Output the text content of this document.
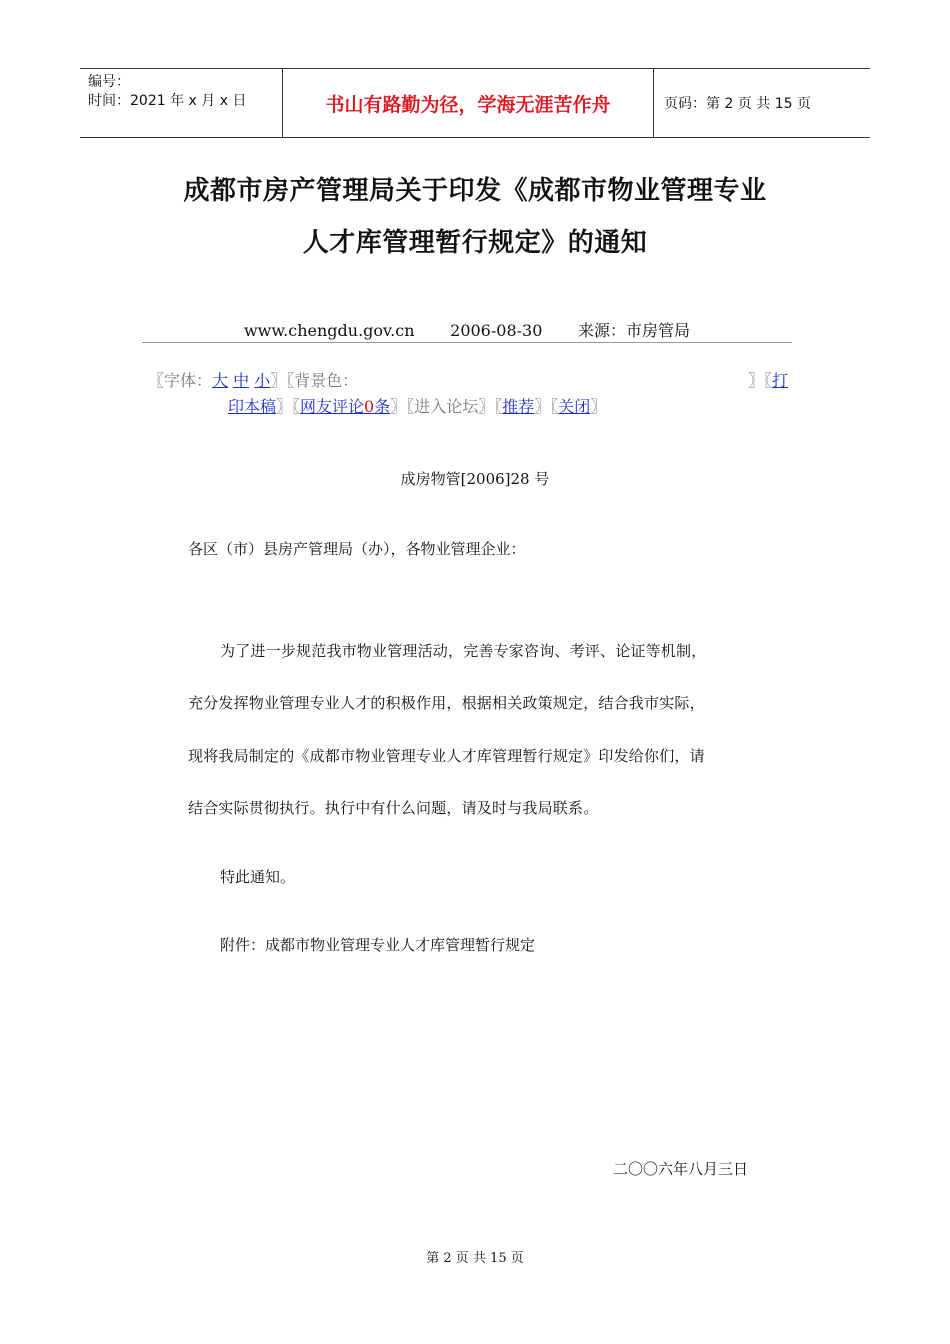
编号：
时间：2021 年 x 月 x 日	书山有路勤为径，学海无涯苦作舟	页码：第 2 页 共 15 页
成都市房产管理局关于印发《成都市物业管理专业
人才库管理暂行规定》的通知
www.chengdu.gov.cn 2006-08-30 来源：市房管局
〖字体：大 中 小〗〖背景色：	〗〖打
印本稿〗〖网友评论0条〗〖进入论坛〗〖推荐〗〖关闭〗
成房物管[2006]28 号
各区（市）县房产管理局（办），各物业管理企业：
为了进一步规范我市物业管理活动，完善专家咨询、考评、论证等机制，
充分发挥物业管理专业人才的积极作用，根据相关政策规定，结合我市实际，
现将我局制定的《成都市物业管理专业人才库管理暂行规定》印发给你们，请
结合实际贯彻执行。执行中有什么问题，请及时与我局联系。
特此通知。
附件：成都市物业管理专业人才库管理暂行规定
二〇〇六年八月三日
第 2 页 共 15 页
